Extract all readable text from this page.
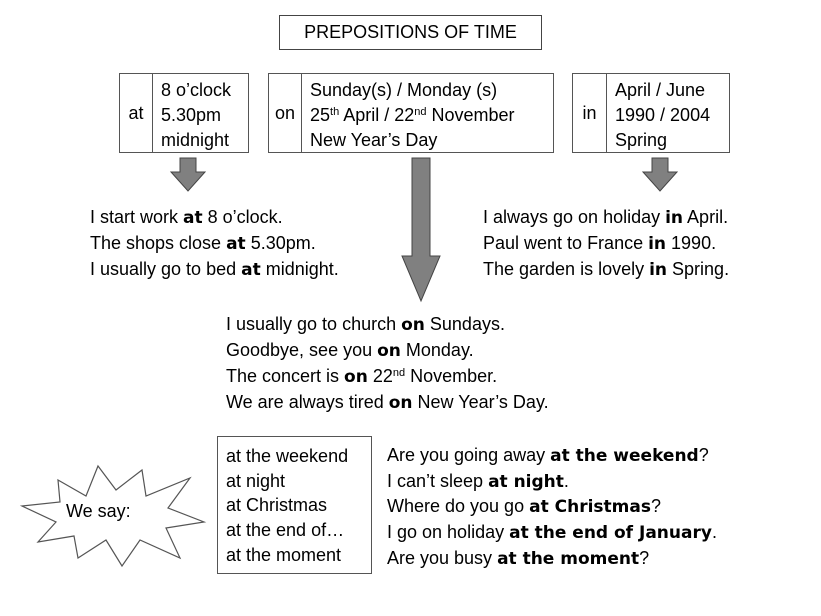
PREPOSITIONS OF TIME
at
8 o’clock
5.30pm
midnight
on
Sunday(s) / Monday (s)
25th April / 22nd November
New Year’s Day
in
April / June
1990 / 2004
Spring
I start work at 8 o’clock.
The shops close at 5.30pm.
I usually go to bed at midnight.
I always go on holiday in April.
Paul went to France in 1990.
The garden is lovely in Spring.
I usually go to church on Sundays.
Goodbye, see you on Monday.
The concert is on 22nd November.
We are always tired on New Year’s Day.
We say:
at the weekend
at night
at Christmas
at the end of…
at the moment
Are you going away at the weekend?
I can’t sleep at night.
Where do you go at Christmas?
I go on holiday at the end of January.
Are you busy at the moment?
